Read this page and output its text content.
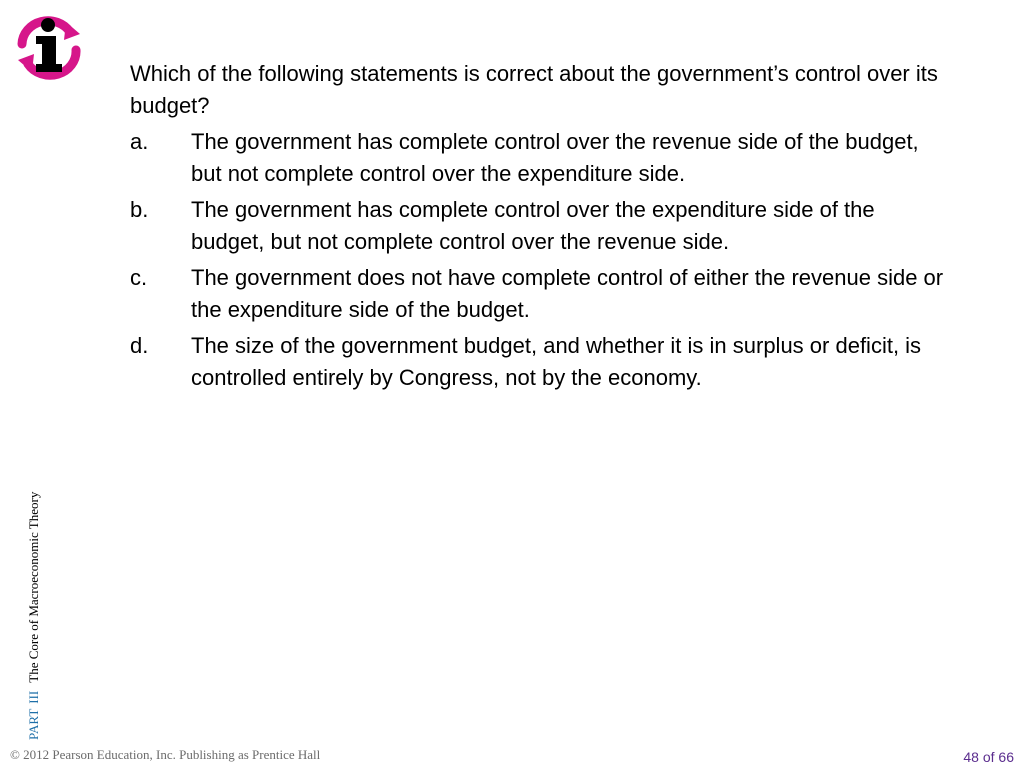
Which of the following statements is correct about the government’s control over its budget?

a.	The government has complete control over the revenue side of the budget, but not complete control over the expenditure side.
b.	The government has complete control over the expenditure side of the budget, but not complete control over the revenue side.
c.	The government does not have complete control of either the revenue side or the expenditure side of the budget.
d.	The size of the government budget, and whether it is in surplus or deficit, is controlled entirely by Congress, not by the economy.
PARTIIIThe Core of Macroeconomic Theory
© 2012 Pearson Education, Inc. Publishing as Prentice Hall	48 of 66
